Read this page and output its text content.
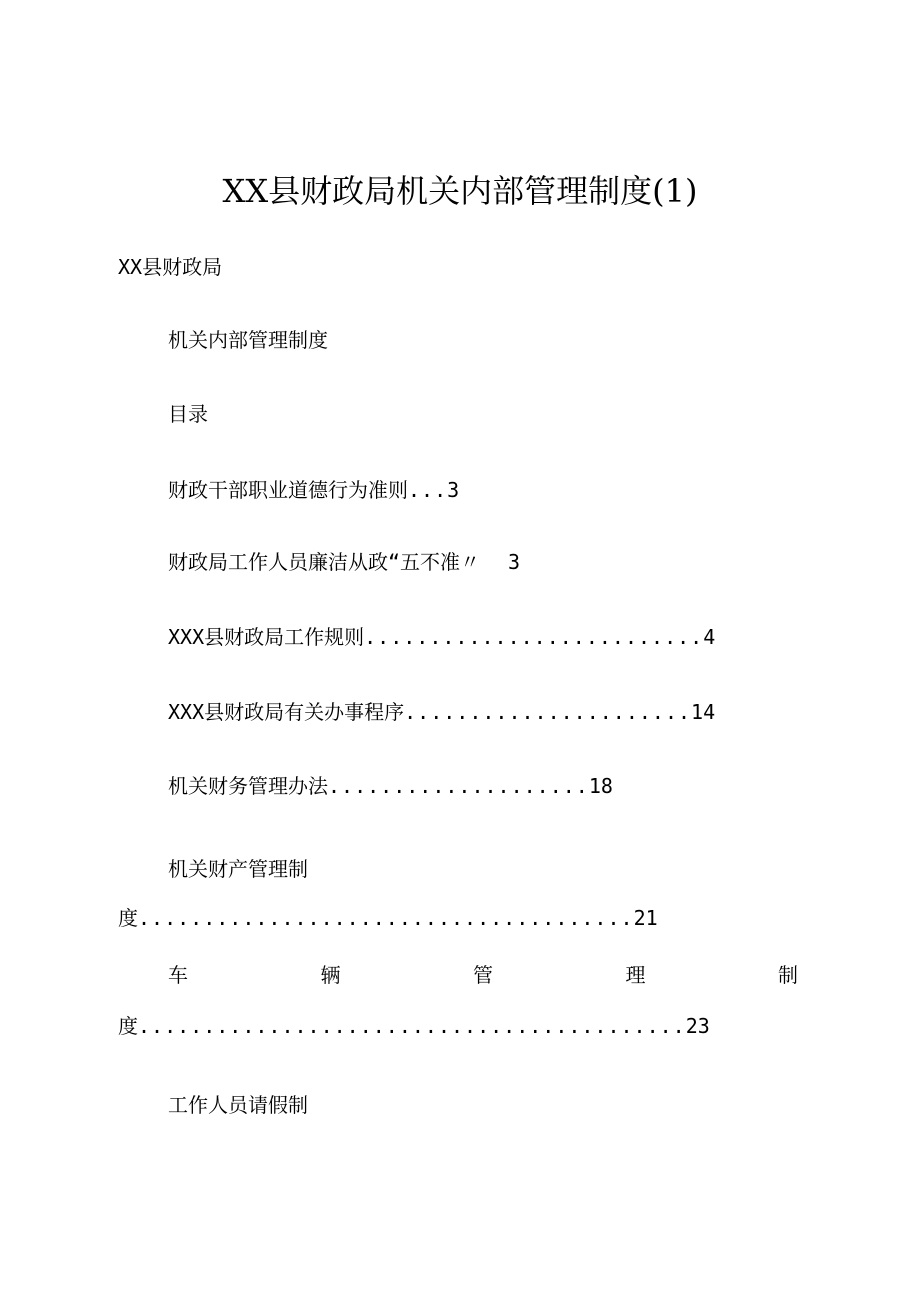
XX县财政局机关内部管理制度(1)
XX县财政局
机关内部管理制度
目录
财政干部职业道德行为准则...3
财政局工作人员廉洁从政“五不准〃 3
XXX县财政局工作规则..........................4
XXX县财政局有关办事程序......................14
机关财务管理办法....................18
机关财产管理制
度......................................21
车	辆	管	理	制
度..........................................23
工作人员请假制
